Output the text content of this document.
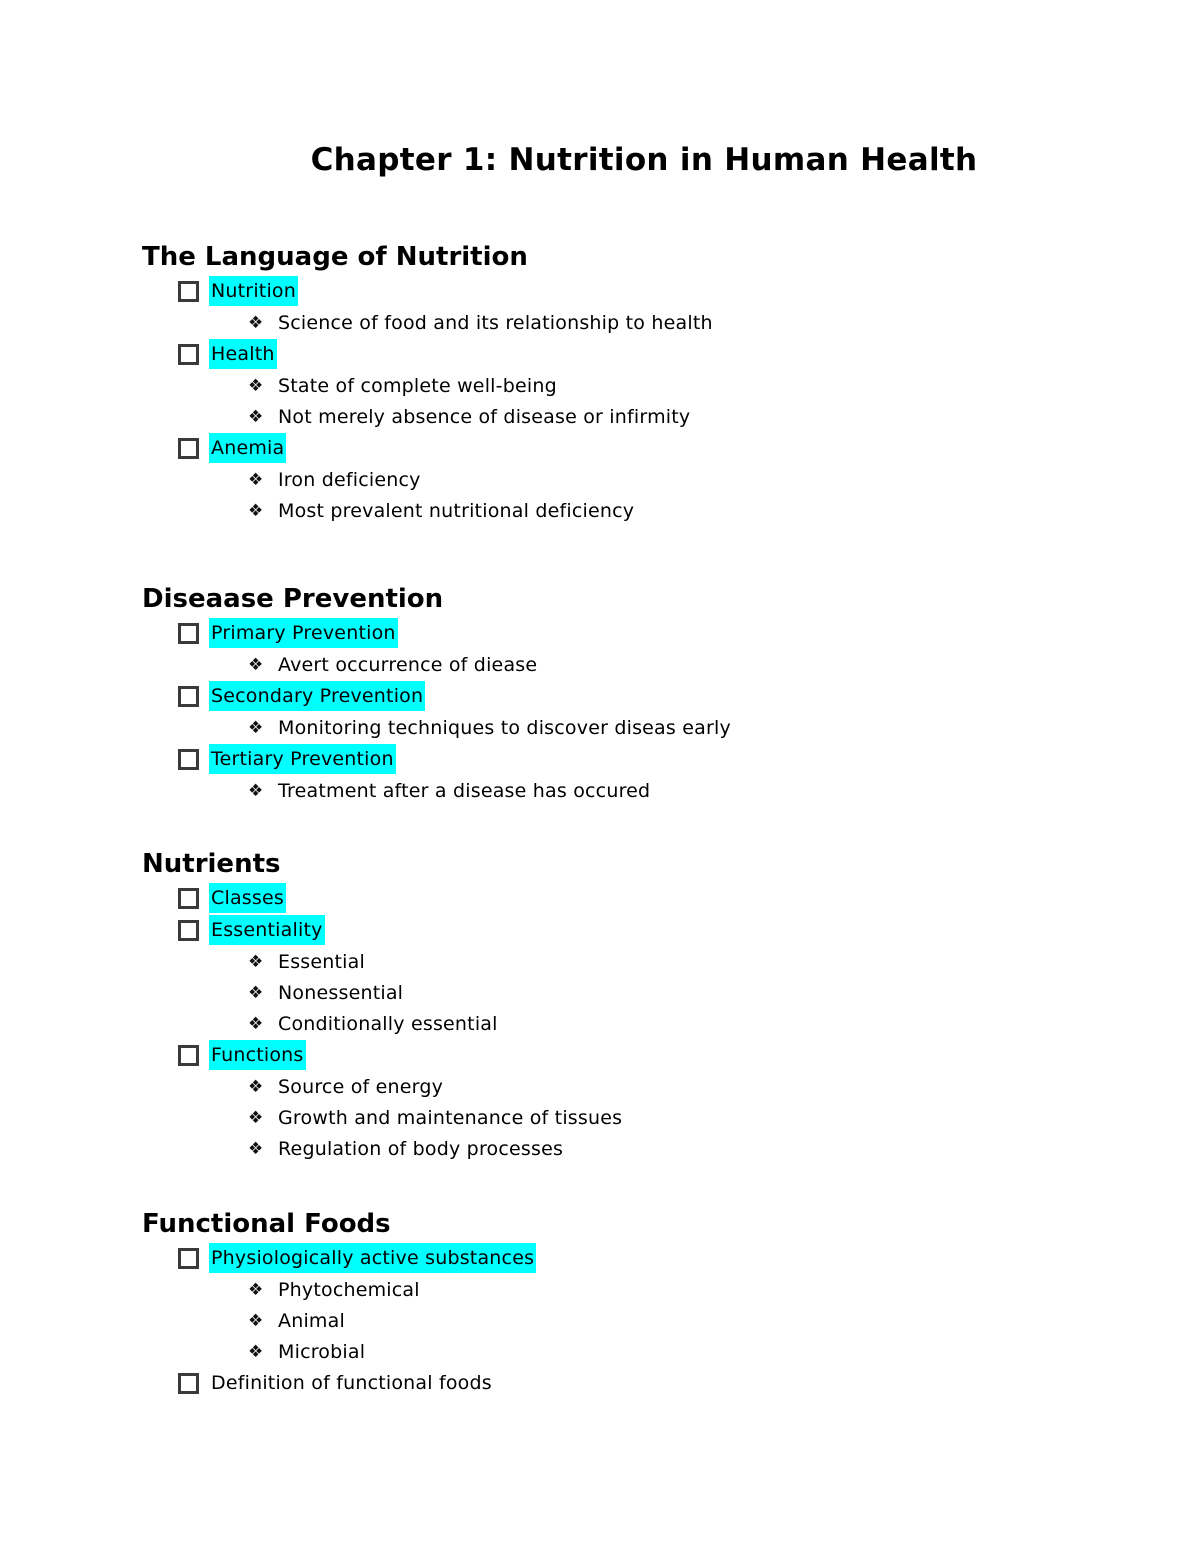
Chapter 1: Nutrition in Human Health
The Language of Nutrition
Nutrition
❖ Science of food and its relationship to health
Health
❖ State of complete well-being
❖ Not merely absence of disease or infirmity
Anemia
❖ Iron deficiency
❖ Most prevalent nutritional deficiency
Diseaase Prevention
Primary Prevention
❖ Avert occurrence of diease
Secondary Prevention
❖ Monitoring techniques to discover diseas early
Tertiary Prevention
❖ Treatment after a disease has occured
Nutrients
Classes
Essentiality
❖ Essential
❖ Nonessential
❖ Conditionally essential
Functions
❖ Source of energy
❖ Growth and maintenance of tissues
❖ Regulation of body processes
Functional Foods
Physiologically active substances
❖ Phytochemical
❖ Animal
❖ Microbial
Definition of functional foods
